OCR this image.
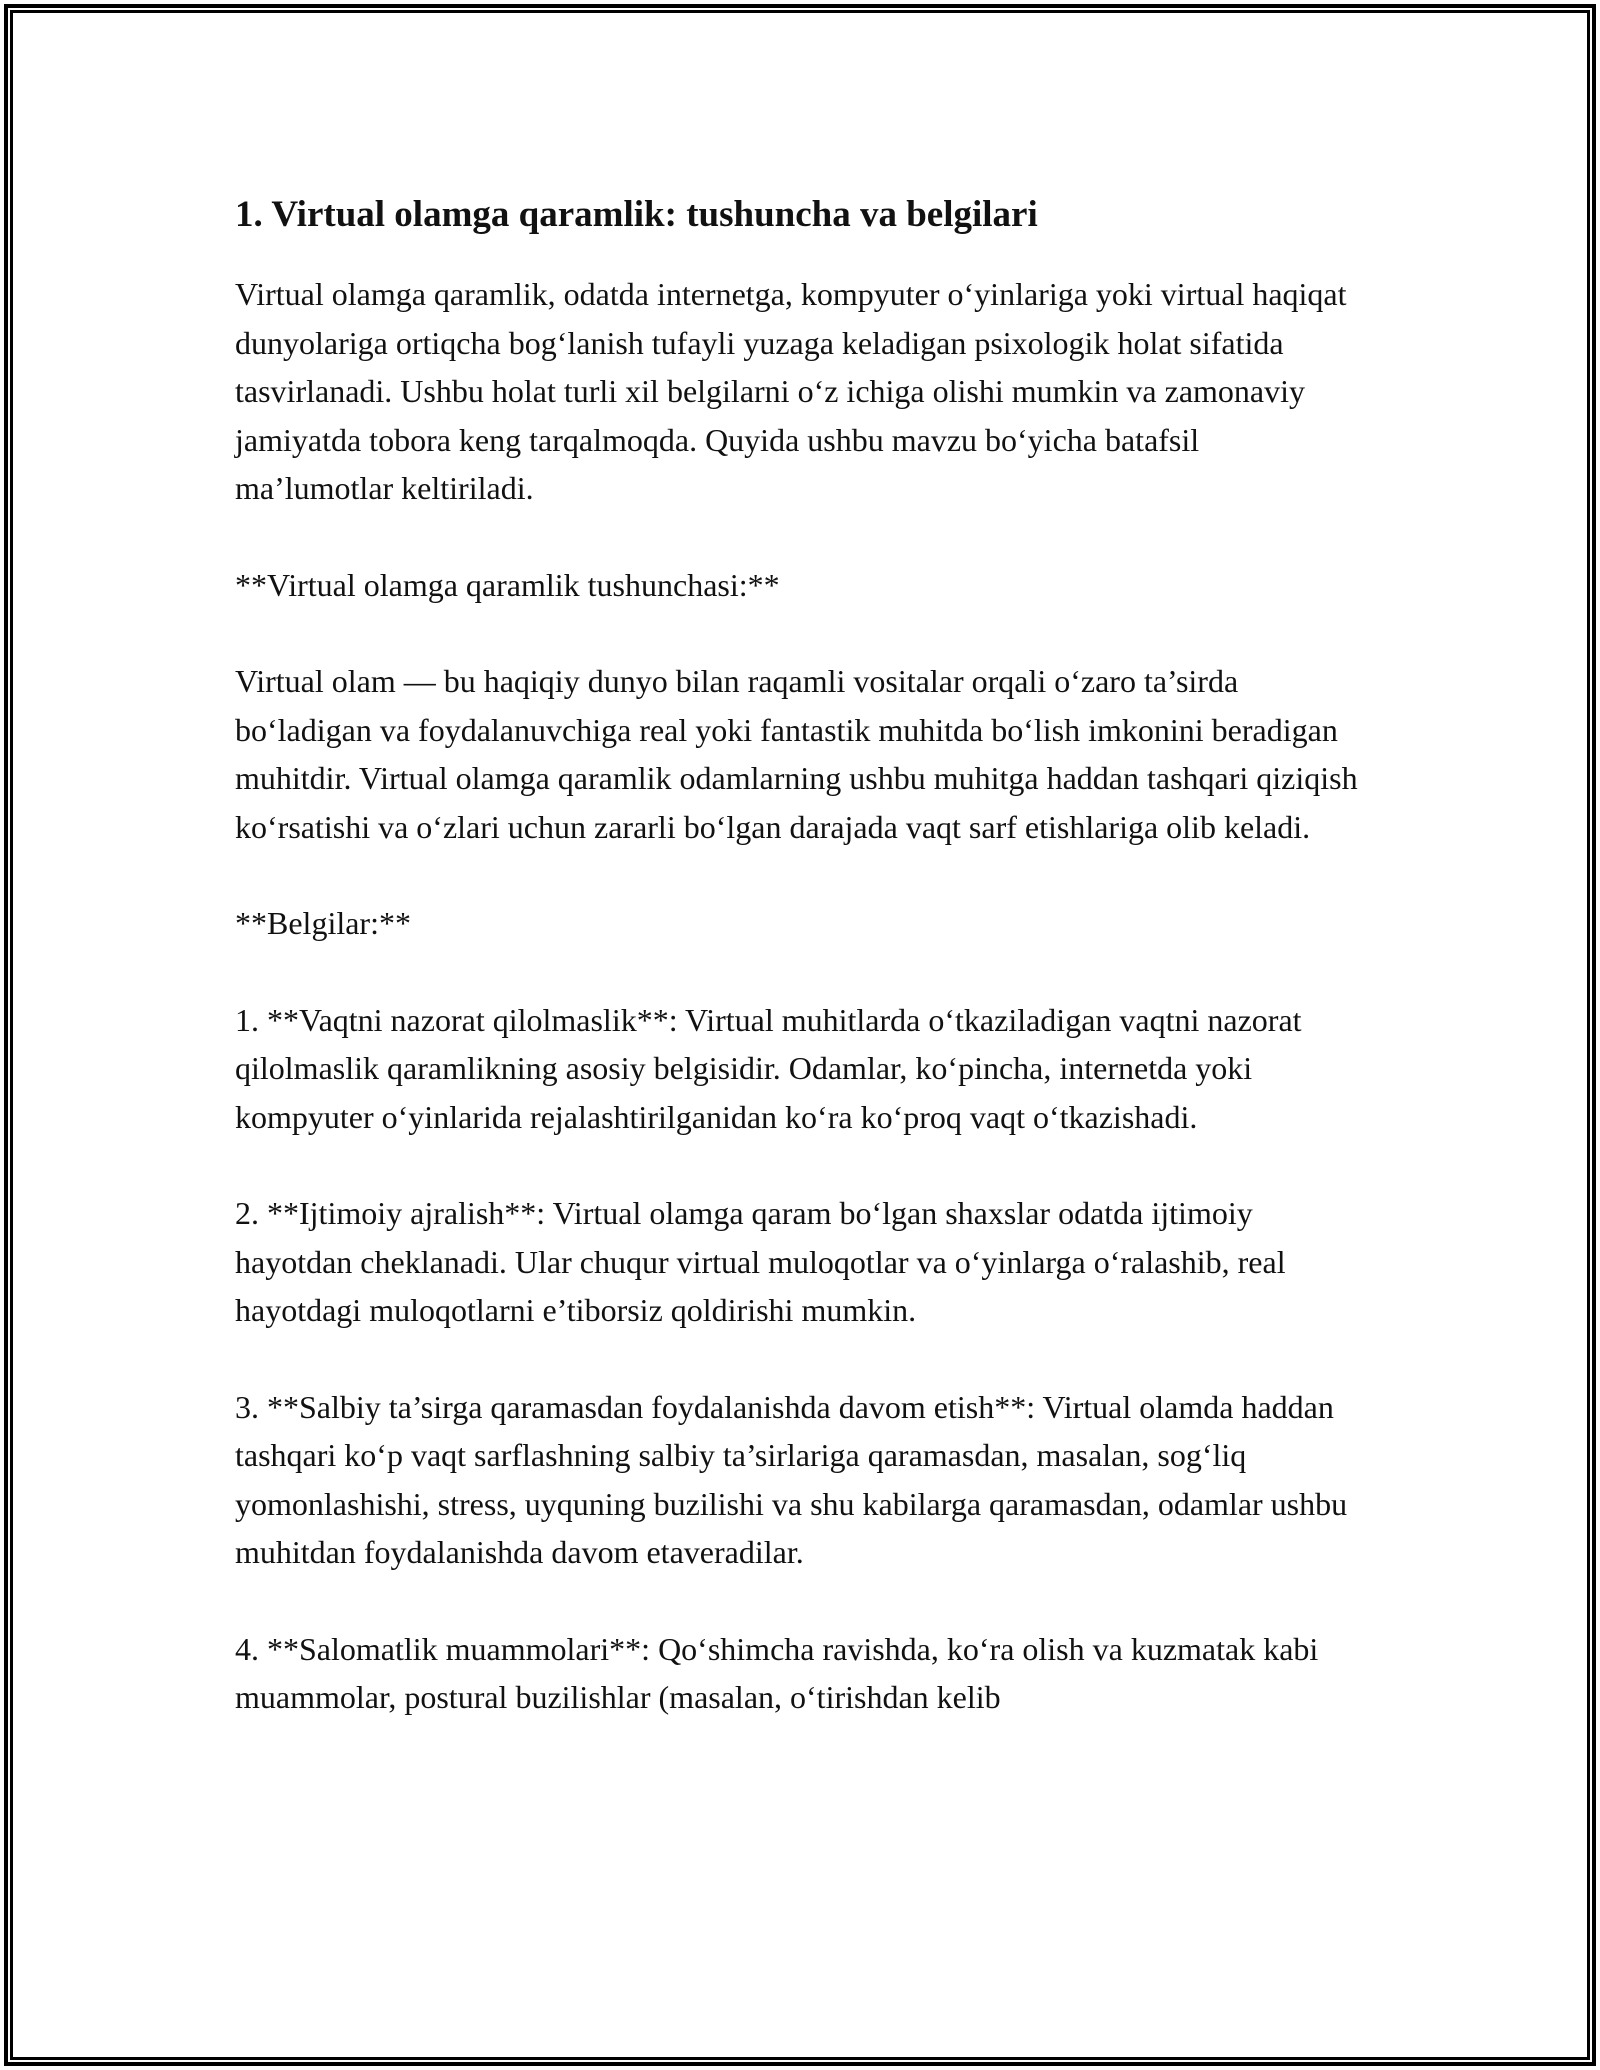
1. Virtual olamga qaramlik: tushuncha va belgilari

Virtual olamga qaramlik, odatda internetga, kompyuter o‘yinlariga yoki virtual haqiqat dunyolariga ortiqcha bog‘lanish tufayli yuzaga keladigan psixologik holat sifatida tasvirlanadi. Ushbu holat turli xil belgilarni o‘z ichiga olishi mumkin va zamonaviy jamiyatda tobora keng tarqalmoqda. Quyida ushbu mavzu bo‘yicha batafsil ma’lumotlar keltiriladi.

**Virtual olamga qaramlik tushunchasi:**

Virtual olam — bu haqiqiy dunyo bilan raqamli vositalar orqali o‘zaro ta’sirda bo‘ladigan va foydalanuvchiga real yoki fantastik muhitda bo‘lish imkonini beradigan muhitdir. Virtual olamga qaramlik odamlarning ushbu muhitga haddan tashqari qiziqish ko‘rsatishi va o‘zlari uchun zararli bo‘lgan darajada vaqt sarf etishlariga olib keladi.

**Belgilar:**

1. **Vaqtni nazorat qilolmaslik**: Virtual muhitlarda o‘tkaziladigan vaqtni nazorat qilolmaslik qaramlikning asosiy belgisidir. Odamlar, ko‘pincha, internetda yoki kompyuter o‘yinlarida rejalashtirilganidan ko‘ra ko‘proq vaqt o‘tkazishadi.

2. **Ijtimoiy ajralish**: Virtual olamga qaram bo‘lgan shaxslar odatda ijtimoiy hayotdan cheklanadi. Ular chuqur virtual muloqotlar va o‘yinlarga o‘ralashib, real hayotdagi muloqotlarni e’tiborsiz qoldirishi mumkin.

3. **Salbiy ta’sirga qaramasdan foydalanishda davom etish**: Virtual olamda haddan tashqari ko‘p vaqt sarflashning salbiy ta’sirlariga qaramasdan, masalan, sog‘liq yomonlashishi, stress, uyquning buzilishi va shu kabilarga qaramasdan, odamlar ushbu muhitdan foydalanishda davom etaveradilar.

4. **Salomatlik muammolari**: Qo‘shimcha ravishda, ko‘ra olish va kuzmatak kabi muammolar, postural buzilishlar (masalan, o‘tirishdan kelib
